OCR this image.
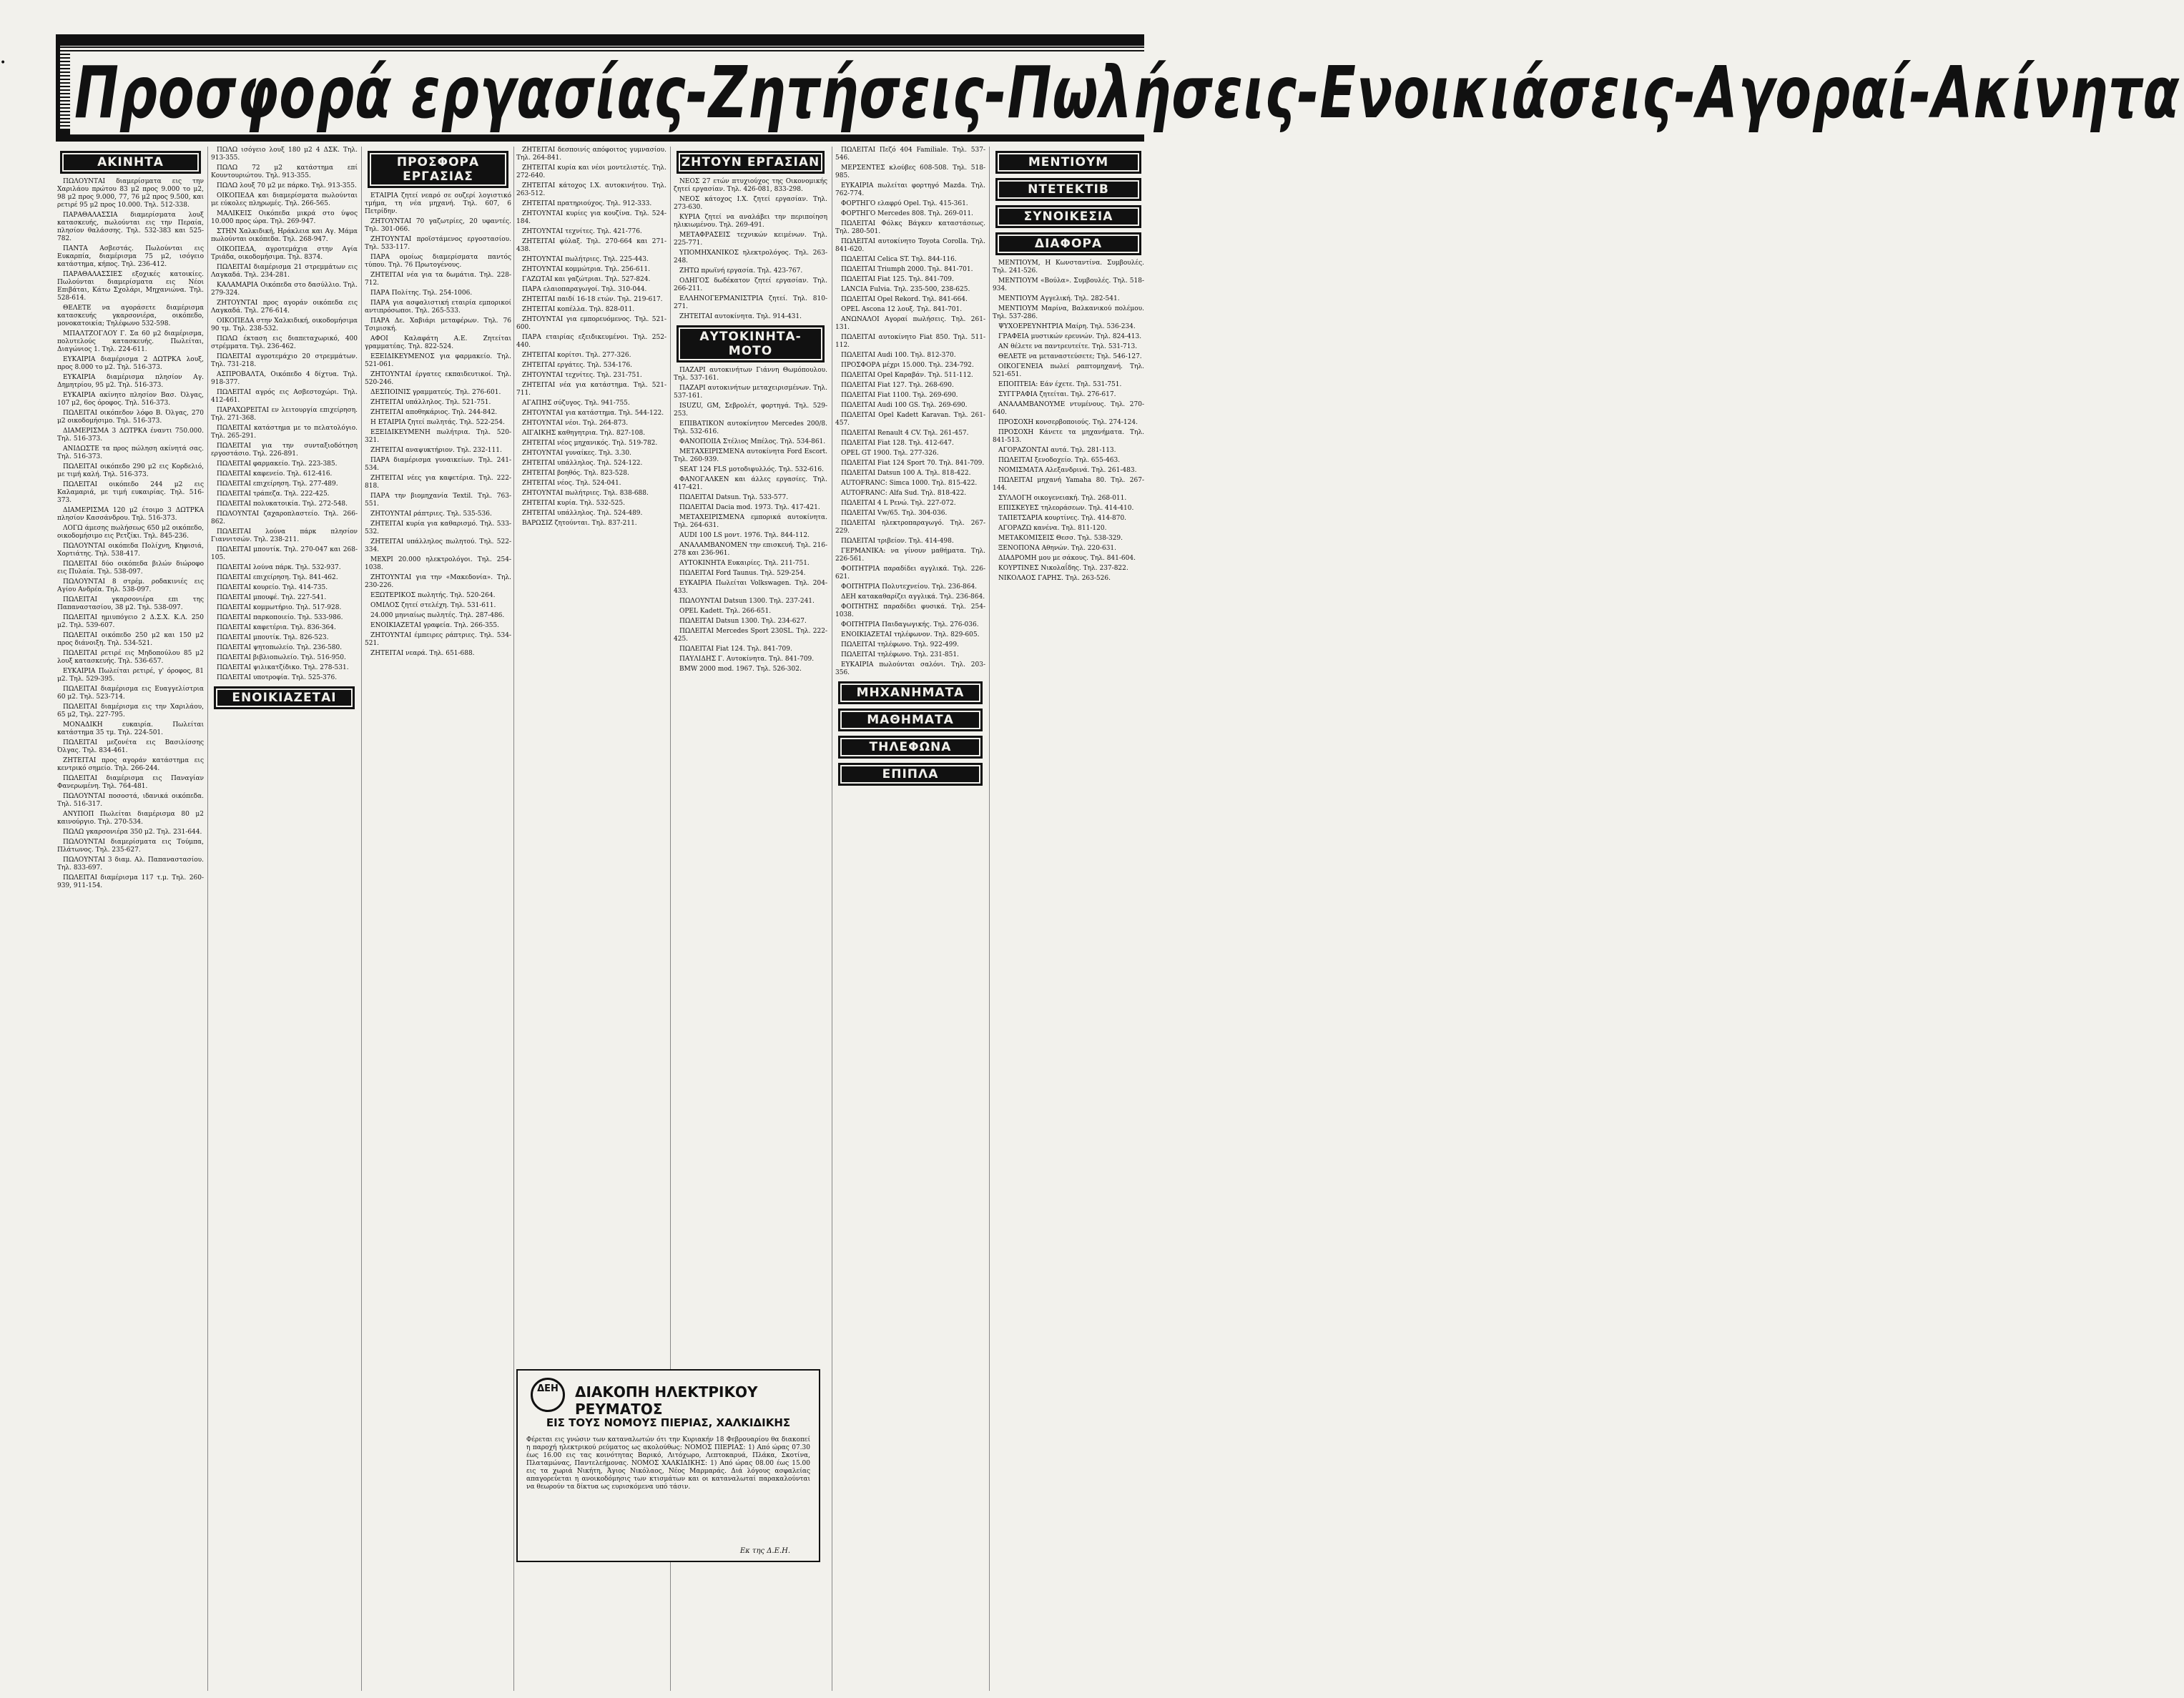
Προσφορά εργασίας-Ζητήσεις-Πωλήσεις-Ενοικιάσεις-Αγοραί-Ακίνητα
•
ΑΚΙΝΗΤΑ

ΠΩΛΟΥΝΤΑΙ διαμερίσματα εις την Χαριλάου πρώτου 83 μ2 προς 9.000 το μ2, 98 μ2 προς 9.000, 77, 76 μ2 προς 9.500, και ρετιρέ 95 μ2 προς 10.000. Τηλ. 512-338.

ΠΑΡΑΘΑΛΑΣΣΙΑ διαμερίσματα λουξ κατασκευής, πωλούνται εις την Περαία, πλησίον θαλάσσης. Τηλ. 532-383 και 525-782.

ΠΑΝΤΑ Ασβεστάς. Πωλούνται εις Ευκαρπία, διαμέρισμα 75 μ2, ισόγειο κατάστημα, κήπος. Τηλ. 236-412.

ΠΑΡΑΘΑΛΑΣΣΙΕΣ εξοχικές κατοικίες. Πωλούνται διαμερίσματα εις Νέοι Επιβάται, Κάτω Σχολάρι, Μηχανιώνα. Τηλ. 528-614.

ΘΕΛΕΤΕ να αγοράσετε διαμέρισμα κατασκευής γκαρσονιέρα, οικόπεδο, μονοκατοικία; Τηλέφωνο 532-598.

ΜΠΑΛΤΖΟΓΛΟΥ Γ. Σα 60 μ2 διαμέρισμα, πολυτελούς κατασκευής. Πωλείται, Διαγώνιος 1. Τηλ. 224-611.

ΕΥΚΑΙΡΙΑ διαμέρισμα 2 ΔΩΤΡΚΑ λουξ, προς 8.000 το μ2. Τηλ. 516-373.

ΕΥΚΑΙΡΙΑ διαμέρισμα πλησίον Αγ. Δημητρίου, 95 μ2. Τηλ. 516-373.

ΕΥΚΑΙΡΙΑ ακίνητο πλησίον Βασ. Όλγας, 107 μ2, 6ος όροφος. Τηλ. 516-373.

ΠΩΛΕΙΤΑΙ οικόπεδον λόφο Β. Όλγας, 270 μ2 οικοδομήσιμο. Τηλ. 516-373.

ΔΙΑΜΕΡΙΣΜΑ 3 ΔΩΤΡΚΑ έναντι 750.000. Τηλ. 516-373.

ΑΝΙΔΩΣΤΕ τα προς πώληση ακίνητά σας. Τηλ. 516-373.

ΠΩΛΕΙΤΑΙ οικόπεδο 290 μ2 εις Κορδελιό, με τιμή καλή. Τηλ. 516-373.

ΠΩΛΕΙΤΑΙ οικόπεδο 244 μ2 εις Καλαμαριά, με τιμή ευκαιρίας. Τηλ. 516-373.

ΔΙΑΜΕΡΙΣΜΑ 120 μ2 έτοιμο 3 ΔΩΤΡΚΑ πλησίον Κασσάνδρου. Τηλ. 516-373.

ΛΟΓΩ άμεσης πωλήσεως 650 μ2 οικόπεδο, οικοδομήσιμο εις Ρετζίκι. Τηλ. 845-236.

ΠΩΛΟΥΝΤΑΙ οικόπεδα Πολίχνη, Κηφισιά, Χορτιάτης. Τηλ. 538-417.

ΠΩΛΕΙΤΑΙ δύο οικόπεδα βιλών διώροφο εις Πυλαία. Τηλ. 538-097.

ΠΩΛΟΥΝΤΑΙ 8 στρέμ. ροδακινιές εις Αγίου Ανδρέα. Τηλ. 538-097.

ΠΩΛΕΙΤΑΙ γκαρσονιέρα επι της Παπαναστασίου, 38 μ2. Τηλ. 538-097.

ΠΩΛΕΙΤΑΙ ημιυπόγειο 2 Δ.Σ.Χ. Κ.Λ. 250 μ2. Τηλ. 539-607.

ΠΩΛΕΙΤΑΙ οικόπεδο 250 μ2 και 150 μ2 προς διάνοιξη. Τηλ. 534-521.

ΠΩΛΕΙΤΑΙ ρετιρέ εις Μηδοπούλου 85 μ2 λουξ κατασκευής. Τηλ. 536-657.

ΕΥΚΑΙΡΙΑ Πωλείται ρετιρέ, γ' όροφος, 81 μ2. Τηλ. 529-395.

ΠΩΛΕΙΤΑΙ διαμέρισμα εις Ευαγγελίστρια 60 μ2. Τηλ. 523-714.

ΠΩΛΕΙΤΑΙ διαμέρισμα εις την Χαριλάου, 65 μ2, Τηλ. 227-795.

ΜΟΝΑΔΙΚΗ ευκαιρία. Πωλείται κατάστημα 35 τμ. Τηλ. 224-501.

ΠΩΛΕΙΤΑΙ μεζονέτα εις Βασιλίσσης Όλγας. Τηλ. 834-461.

ΖΗΤΕΙΤΑΙ προς αγοράν κατάστημα εις κεντρικό σημείο. Τηλ. 266-244.

ΠΩΛΕΙΤΑΙ διαμέρισμα εις Παναγίαν Φανερωμένη. Τηλ. 764-481.

ΠΩΛΟΥΝΤΑΙ ποσοστά, ιδανικά οικόπεδα. Τηλ. 516-317.

ΑΝΥΠΟΠ Πωλείται διαμέρισμα 80 μ2 καινούργιο. Τηλ. 270-534.

ΠΩΛΩ γκαρσονιέρα 350 μ2. Τηλ. 231-644.

ΠΩΛΟΥΝΤΑΙ διαμερίσματα εις Τούμπα, Πλάτωνος. Τηλ. 235-627.

ΠΩΛΟΥΝΤΑΙ 3 διαμ. Αλ. Παπαναστασίου. Τηλ. 833-697.

ΠΩΛΕΙΤΑΙ διαμέρισμα 117 τ.μ. Τηλ. 260-939, 911-154.

ΠΩΛΩ ισόγειο λουξ 180 μ2 4 ΔΣΚ. Τηλ. 913-355.

ΠΩΛΩ 72 μ2 κατάστημα επί Κουντουριώτου. Τηλ. 913-355.

ΠΩΛΩ λουξ 70 μ2 με πάρκο. Τηλ. 913-355.

ΟΙΚΟΠΕΔΑ και διαμερίσματα πωλούνται με εύκολες πληρωμές. Τηλ. 266-565.

ΜΑΛΙΚΕΙΣ Οικόπεδα μικρά στο ύψος 10.000 προς ώρα. Τηλ. 269-947.

ΣΤΗΝ Χαλκιδική, Ηράκλεια και Αγ. Μάμα πωλούνται οικόπεδα. Τηλ. 268-947.

ΟΙΚΟΠΕΔΑ, αγροτεμάχια στην Αγία Τριάδα, οικοδομήσιμα. Τηλ. 8374.

ΠΩΛΕΙΤΑΙ διαμέρισμα 21 στρεμμάτων εις Λαγκαδά. Τηλ. 234-281.

ΚΑΛΑΜΑΡΙΑ Οικόπεδα στο δασύλλιο. Τηλ. 279-324.

ΖΗΤΟΥΝΤΑΙ προς αγοράν οικόπεδα εις Λαγκαδά. Τηλ. 276-614.

ΟΙΚΟΠΕΔΑ στην Χαλκιδική, οικοδομήσιμα 90 τμ. Τηλ. 238-532.

ΠΩΛΩ έκταση εις διαπεταχωρικό, 400 στρέμματα. Τηλ. 236-462.

ΠΩΛΕΙΤΑΙ αγροτεμάχιο 20 στρεμμάτων. Τηλ. 731-218.

ΑΣΠΡΟΒΑΛΤΑ, Οικόπεδο 4 δίχτυα. Τηλ. 918-377.

ΠΩΛΕΙΤΑΙ αγρός εις Ασβεστοχώρι. Τηλ. 412-461.

ΠΑΡΑΧΩΡΕΙΤΑΙ εν λειτουργία επιχείρηση. Τηλ. 271-368.

ΠΩΛΕΙΤΑΙ κατάστημα με το πελατολόγιο. Τηλ. 265-291.

ΠΩΛΕΙΤΑΙ για την συνταξιοδότηση εργοστάσιο. Τηλ. 226-891.

ΠΩΛΕΙΤΑΙ φαρμακείο. Τηλ. 223-385.

ΠΩΛΕΙΤΑΙ καφενείο. Τηλ. 612-416.

ΠΩΛΕΙΤΑΙ επιχείρηση. Τηλ. 277-489.

ΠΩΛΕΙΤΑΙ τράπεζα. Τηλ. 222-425.

ΠΩΛΕΙΤΑΙ πολυκατοικία. Τηλ. 272-548.

ΠΩΛΟΥΝΤΑΙ ζαχαροπλαστείο. Τηλ. 266-862.

ΠΩΛΕΙΤΑΙ λούνα πάρκ πλησίον Γιαννιτσών. Τηλ. 238-211.

ΠΩΛΕΙΤΑΙ μπουτίκ. Τηλ. 270-047 και 268-105.

ΠΩΛΕΙΤΑΙ λούνα πάρκ. Τηλ. 532-937.

ΠΩΛΕΙΤΑΙ επιχείρηση. Τηλ. 841-462.

ΠΩΛΕΙΤΑΙ κουρείο. Τηλ. 414-735.

ΠΩΛΕΙΤΑΙ μπουφέ. Τηλ. 227-541.

ΠΩΛΕΙΤΑΙ κομμωτήριο. Τηλ. 517-928.

ΠΩΛΕΙΤΑΙ παρκοποιείο. Τηλ. 533-986.

ΠΩΛΕΙΤΑΙ καφετέρια. Τηλ. 836-364.

ΠΩΛΕΙΤΑΙ μπουτίκ. Τηλ. 826-523.

ΠΩΛΕΙΤΑΙ ψητοπωλείο. Τηλ. 236-580.

ΠΩΛΕΙΤΑΙ βιβλιοπωλείο. Τηλ. 516-950.

ΠΩΛΕΙΤΑΙ ψιλικατζίδικο. Τηλ. 278-531.

ΠΩΛΕΙΤΑΙ υποτροφία. Τηλ. 525-376.

ΕΝΟΙΚΙΑΖΕΤΑΙ
ΠΡΟΣΦΟΡΑ ΕΡΓΑΣΙΑΣ

ΕΤΑΙΡΙΑ ζητεί νεαρό σε ουζερί λογιστικό τμήμα, τη νέα μηχανή. Τηλ. 607, 6 Πετρίδην.

ΖΗΤΟΥΝΤΑΙ 70 γαζωτρίες, 20 υφαντές. Τηλ. 301-066.

ΖΗΤΟΥΝΤΑΙ προϊστάμενος εργοστασίου. Τηλ. 533-117.

ΠΑΡΑ ομοίως διαμερίσματα παντός τύπου. Τηλ. 76 Πρωτογένους.

ΖΗΤΕΙΤΑΙ νέα για τα δωμάτια. Τηλ. 228-712.

ΠΑΡΑ Πολίτης. Τηλ. 254-1006.

ΠΑΡΑ για ασφαλιστική εταιρία εμπορικοί αντιπρόσωποι. Τηλ. 265-533.

ΠΑΡΑ Δε. Χαβιάρι μεταφέρων. Τηλ. 76 Τσιμισκή.

ΑΦΟΙ Καλαφάτη Α.Ε. Ζητείται γραμματέας. Τηλ. 822-524.

ΕΞΕΙΔΙΚΕΥΜΕΝΟΣ για φαρμακείο. Τηλ. 521-061.

ΖΗΤΟΥΝΤΑΙ έργατες εκπαιδευτικοί. Τηλ. 520-246.

ΔΕΣΠΟΙΝΙΣ γραμματεύς. Τηλ. 276-601.

ΖΗΤΕΙΤΑΙ υπάλληλος. Τηλ. 521-751.

ΖΗΤΕΙΤΑΙ αποθηκάριος. Τηλ. 244-842.

Η ΕΤΑΙΡΙΑ ζητεί πωλητάς. Τηλ. 522-254.

ΕΞΕΙΔΙΚΕΥΜΕΝΗ πωλήτρια. Τηλ. 520-321.

ΖΗΤΕΙΤΑΙ αναψυκτήριον. Τηλ. 232-111.

ΠΑΡΑ διαμέρισμα γυναικείων. Τηλ. 241-534.

ΖΗΤΕΙΤΑΙ νέες για καφετέρια. Τηλ. 222-818.

ΠΑΡΑ την βιομηχανία Textil. Τηλ. 763-551.

ΖΗΤΟΥΝΤΑΙ ράπτριες. Τηλ. 535-536.

ΖΗΤΕΙΤΑΙ κυρία για καθαρισμό. Τηλ. 533-532.

ΖΗΤΕΙΤΑΙ υπάλληλος πωλητού. Τηλ. 522-334.

ΜΕΧΡΙ 20.000 ηλεκτρολόγοι. Τηλ. 254-1038.

ΖΗΤΟΥΝΤΑΙ για την «Μακεδονία». Τηλ. 230-226.

ΕΞΩΤΕΡΙΚΟΣ πωλητής. Τηλ. 520-264.

ΟΜΙΛΟΣ ζητεί στελέχη. Τηλ. 531-611.

24.000 μηνιαίως πωλητές. Τηλ. 287-486.

ΕΝΟΙΚΙΑΖΕΤΑΙ γραφεία. Τηλ. 266-355.

ΖΗΤΟΥΝΤΑΙ έμπειρες ράπτριες. Τηλ. 534-521.

ΖΗΤΕΙΤΑΙ νεαρά. Τηλ. 651-688.

ΖΗΤΕΙΤΑΙ δεσποινίς απόφοιτος γυμνασίου. Τηλ. 264-841.

ΖΗΤΕΙΤΑΙ κυρία και νέοι μοντελιστές. Τηλ. 272-640.

ΖΗΤΕΙΤΑΙ κάτοχος Ι.Χ. αυτοκινήτου. Τηλ. 263-512.

ΖΗΤΕΙΤΑΙ πρατηριούχος. Τηλ. 912-333.

ΖΗΤΟΥΝΤΑΙ κυρίες για κουζίνα. Τηλ. 524-184.

ΖΗΤΟΥΝΤΑΙ τεχνίτες. Τηλ. 421-776.

ΖΗΤΕΙΤΑΙ φύλαξ. Τηλ. 270-664 και 271-438.

ΖΗΤΟΥΝΤΑΙ πωλήτριες. Τηλ. 225-443.

ΖΗΤΟΥΝΤΑΙ κομμώτρια. Τηλ. 256-611.

ΓΑΖΩΤΑΙ και γαζώτριαι. Τηλ. 527-824.

ΠΑΡΑ ελαιοπαραγωγοί. Τηλ. 310-044.

ΖΗΤΕΙΤΑΙ παιδί 16-18 ετών. Τηλ. 219-617.

ΖΗΤΕΙΤΑΙ κοπέλλα. Τηλ. 828-011.

ΖΗΤΟΥΝΤΑΙ για εμπορευόμενος. Τηλ. 521-600.

ΠΑΡΑ εταιρίας εξειδικευμένοι. Τηλ. 252-440.

ΖΗΤΕΙΤΑΙ κορίτσι. Τηλ. 277-326.

ΖΗΤΕΙΤΑΙ εργάτες. Τηλ. 534-176.

ΖΗΤΟΥΝΤΑΙ τεχνίτες. Τηλ. 231-751.

ΖΗΤΕΙΤΑΙ νέα για κατάστημα. Τηλ. 521-711.

ΑΓΑΠΗΣ σύζυγος. Τηλ. 941-755.

ΖΗΤΟΥΝΤΑΙ για κατάστημα. Τηλ. 544-122.

ΖΗΤΟΥΝΤΑΙ νέοι. Τηλ. 264-873.

ΑΙΓΑΙΚΗΣ καθηγητρια. Τηλ. 827-108.

ΖΗΤΕΙΤΑΙ νέος μηχανικός. Τηλ. 519-782.

ΖΗΤΟΥΝΤΑΙ γυναίκες. Τηλ. 3.30.

ΖΗΤΕΙΤΑΙ υπάλληλος. Τηλ. 524-122.

ΖΗΤΕΙΤΑΙ βοηθός. Τηλ. 823-528.

ΖΗΤΕΙΤΑΙ νέος. Τηλ. 524-041.

ΖΗΤΟΥΝΤΑΙ πωλήτριες. Τηλ. 838-688.

ΖΗΤΕΙΤΑΙ κυρία. Τηλ. 532-525.

ΖΗΤΕΙΤΑΙ υπάλληλος. Τηλ. 524-489.

ΒΑΡΩΣΙΖ ζητούνται. Τηλ. 837-211.

ΖΗΤΟΥΝ ΕΡΓΑΣΙΑΝ

ΝΕΟΣ 27 ετών πτυχιούχος της Οικονομικής ζητεί εργασίαν. Τηλ. 426-081, 833-298.

ΝΕΟΣ κάτοχος Ι.Χ. ζητεί εργασίαν. Τηλ. 273-630.

ΚΥΡΙΑ ζητεί να αναλάβει την περιποίηση ηλικιωμένου. Τηλ. 269-491.

ΜΕΤΑΦΡΑΣΕΙΣ τεχνικών κειμένων. Τηλ. 225-771.

ΥΠΟΜΗΧΑΝΙΚΟΣ ηλεκτρολόγος. Τηλ. 263-248.

ΖΗΤΩ πρωϊνή εργασία. Τηλ. 423-767.

ΟΔΗΓΟΣ δωδέκατον ζητεί εργασίαν. Τηλ. 266-211.

ΕΛΛΗΝΟΓΕΡΜΑΝΙΣΤΡΙΑ ζητεί. Τηλ. 810-271.

ΖΗΤΕΙΤΑΙ αυτοκίνητα. Τηλ. 914-431.

ΑΥΤΟΚΙΝΗΤΑ-ΜΟΤΟ

ΠΑΖΑΡΙ αυτοκινήτων Γιάννη Θωμόπουλου. Τηλ. 537-161.

ΠΑΖΑΡΙ αυτοκινήτων μεταχειρισμένων. Τηλ. 537-161.

ISUZU, GM, Σεβρολέτ, φορτηγά. Τηλ. 529-253.

ΕΠΙΒΑΤΙΚΟΝ αυτοκίνητον Mercedes 200/8. Τηλ. 532-616.

ΦΑΝΟΠΟΙΙΑ Στέλιος Μπέλος. Τηλ. 534-861.

ΜΕΤΑΧΕΙΡΙΣΜΕΝΑ αυτοκίνητα Ford Escort. Τηλ. 260-939.

SEAT 124 FLS μοτοδιφυλλός. Τηλ. 532-616.

ΦΑΝΟΓΑΛΚΕΝ και άλλες εργασίες. Τηλ. 417-421.

ΠΩΛΕΙΤΑΙ Datsun. Τηλ. 533-577.

ΠΩΛΕΙΤΑΙ Dacia mod. 1973. Τηλ. 417-421.

ΜΕΤΑΧΕΙΡΙΣΜΕΝΑ εμπορικά αυτοκίνητα. Τηλ. 264-631.

AUDI 100 LS μοντ. 1976. Τηλ. 844-112.

ΑΝΑΛΑΜΒΑΝΟΜΕΝ την επισκευή. Τηλ. 216-278 και 236-961.

ΑΥΤΟΚΙΝΗΤΑ Ευκαιρίες. Τηλ. 211-751.

ΠΩΛΕΙΤΑΙ Ford Taunus. Τηλ. 529-254.

ΕΥΚΑΙΡΙΑ Πωλείται Volkswagen. Τηλ. 204-433.

ΠΩΛΟΥΝΤΑΙ Datsun 1300. Τηλ. 237-241.

OPEL Kadett. Τηλ. 266-651.

ΠΩΛΕΙΤΑΙ Datsun 1300. Τηλ. 234-627.

ΠΩΛΕΙΤΑΙ Mercedes Sport 230SL. Τηλ. 222-425.

ΠΩΛΕΙΤΑΙ Fiat 124. Τηλ. 841-709.

ΠΑΥΛΙΔΗΣ Γ. Αυτοκίνητα. Τηλ. 841-709.

BMW 2000 mod. 1967. Τηλ. 526-302.

ΠΩΛΕΙΤΑΙ Πεζό 404 Familiale. Τηλ. 537-546.

ΜΕΡΣΕΝΤΕΣ κλούβες 608-508. Τηλ. 518-985.

ΕΥΚΑΙΡΙΑ πωλείται φορτηγό Mazda. Τηλ. 762-774.

ΦΟΡΤΗΓΟ ελαφρύ Opel. Τηλ. 415-361.

ΦΟΡΤΗΓΟ Mercedes 808. Τηλ. 269-011.

ΠΩΛΕΙΤΑΙ Φόλκς Βάγκεν καταστάσεως. Τηλ. 280-501.

ΠΩΛΕΙΤΑΙ αυτοκίνητο Toyota Corolla. Τηλ. 841-620.

ΠΩΛΕΙΤΑΙ Celica ST. Τηλ. 844-116.

ΠΩΛΕΙΤΑΙ Triumph 2000. Τηλ. 841-701.

ΠΩΛΕΙΤΑΙ Fiat 125. Τηλ. 841-709.

LANCIA Fulvia. Τηλ. 235-500, 238-625.

ΠΩΛΕΙΤΑΙ Opel Rekord. Τηλ. 841-664.

OPEL Ascona 12 λουξ. Τηλ. 841-701.

ΑΝΩΝΑΛΟΙ Αγοραί πωλήσεις. Τηλ. 261-131.

ΠΩΛΕΙΤΑΙ αυτοκίνητο Fiat 850. Τηλ. 511-112.

ΠΩΛΕΙΤΑΙ Audi 100. Τηλ. 812-370.

ΠΡΟΣΦΟΡΑ μέχρι 15.000. Τηλ. 234-792.

ΠΩΛΕΙΤΑΙ Opel Καραβάν. Τηλ. 511-112.

ΠΩΛΕΙΤΑΙ Fiat 127. Τηλ. 268-690.

ΠΩΛΕΙΤΑΙ Fiat 1100. Τηλ. 269-690.

ΠΩΛΕΙΤΑΙ Audi 100 GS. Τηλ. 269-690.

ΠΩΛΕΙΤΑΙ Opel Kadett Karavan. Τηλ. 261-457.

ΠΩΛΕΙΤΑΙ Renault 4 CV. Τηλ. 261-457.

ΠΩΛΕΙΤΑΙ Fiat 128. Τηλ. 412-647.

OPEL GT 1900. Τηλ. 277-326.

ΠΩΛΕΙΤΑΙ Fiat 124 Sport 70. Τηλ. 841-709.

ΠΩΛΕΙΤΑΙ Datsun 100 A. Τηλ. 818-422.

AUTOFRANC: Simca 1000. Τηλ. 815-422.

AUTOFRANC: Alfa Sud. Τηλ. 818-422.

ΠΩΛΕΙΤΑΙ 4 L Ρενώ. Τηλ. 227-072.

ΠΩΛΕΙΤΑΙ Vw/65. Τηλ. 304-036.

ΠΩΛΕΙΤΑΙ ηλεκτροπαραγωγό. Τηλ. 267-229.

ΠΩΛΕΙΤΑΙ τριβείον. Τηλ. 414-498.

ΓΕΡΜΑΝΙΚΑ: να γίνουν μαθήματα. Τηλ. 226-561.

ΦΟΙΤΗΤΡΙΑ παραδίδει αγγλικά. Τηλ. 226-621.

ΦΟΙΤΗΤΡΙΑ Πολυτεχνείου. Τηλ. 236-864.

ΔΕΗ κατακαθαρίζει αγγλικά. Τηλ. 236-864.

ΦΟΙΤΗΤΗΣ παραδίδει φυσικά. Τηλ. 254-1038.

ΦΟΙΤΗΤΡΙΑ Παιδαγωγικής. Τηλ. 276-036.

ΕΝΟΙΚΙΑΖΕΤΑΙ τηλέφωνον. Τηλ. 829-605.

ΠΩΛΕΙΤΑΙ τηλέφωνο. Τηλ. 922-499.

ΠΩΛΕΙΤΑΙ τηλέφωνο. Τηλ. 231-851.

ΕΥΚΑΙΡΙΑ πωλούνται σαλόνι. Τηλ. 203-356.

ΜΗΧΑΝΗΜΑΤΑ
ΜΑΘΗΜΑΤΑ
ΤΗΛΕΦΩΝΑ
ΕΠΙΠΛΑ
ΜΕΝΤΙΟΥΜ
ΝΤΕΤΕΚΤΙΒ
ΣΥΝΟΙΚΕΣΙΑ
ΔΙΑΦΟΡΑ

ΜΕΝΤΙΟΥΜ, Η Κωνσταντίνα. Συμβουλές. Τηλ. 241-526.

ΜΕΝΤΙΟΥΜ «Βούλα». Συμβουλές. Τηλ. 518-934.

ΜΕΝΤΙΟΥΜ Αγγελική. Τηλ. 282-541.

ΜΕΝΤΙΟΥΜ Μαρίνα, Βαλκανικού πολέμου. Τηλ. 537-286.

ΨΥΧΟΕΡΕΥΝΗΤΡΙΑ Μαίρη. Τηλ. 536-234.

ΓΡΑΦΕΙΑ μυστικών ερευνών. Τηλ. 824-413.

ΑΝ θέλετε να παντρευτείτε. Τηλ. 531-713.

ΘΕΛΕΤΕ να μεταναστεύσετε; Τηλ. 546-127.

ΟΙΚΟΓΕΝΕΙΑ πωλεί ραπτομηχανή. Τηλ. 521-651.

ΕΠΟΠΤΕΙΑ: Εάν έχετε. Τηλ. 531-751.

ΣΥΓΓΡΑΦΙΑ ζητείται. Τηλ. 276-617.

ΑΝΑΛΑΜΒΑΝΟΥΜΕ ντυμένους. Τηλ. 270-640.

ΠΡΟΣΟΧΗ κονσερβοποιούς. Τηλ. 274-124.

ΠΡΟΣΟΧΗ Κάνετε τα μηχανήματα. Τηλ. 841-513.

ΑΓΟΡΑΖΟΝΤΑΙ αυτά. Τηλ. 281-113.

ΠΩΛΕΙΤΑΙ ξενοδοχείο. Τηλ. 655-463.

ΝΟΜΙΣΜΑΤΑ Αλεξανδρινά. Τηλ. 261-483.

ΠΩΛΕΙΤΑΙ μηχανή Yamaha 80. Τηλ. 267-144.

ΣΥΛΛΟΓΗ οικογενειακή. Τηλ. 268-011.

ΕΠΙΣΚΕΥΕΣ τηλεοράσεων. Τηλ. 414-410.

ΤΑΠΕΤΣΑΡΙΑ κουρτίνες. Τηλ. 414-870.

ΑΓΟΡΑΖΩ κανένα. Τηλ. 811-120.

ΜΕΤΑΚΟΜΙΣΕΙΣ Θεσσ. Τηλ. 538-329.

ΞΕΝΟΠΟΝΑ Αθηνών. Τηλ. 220-631.

ΔΙΑΔΡΟΜΗ μου με σάκους. Τηλ. 841-604.

ΚΟΥΡΤΙΝΕΣ Νικολαΐδης. Τηλ. 237-822.

ΝΙΚΟΛΑΟΣ ΓΑΡΗΣ. Τηλ. 263-526.

ΔΕΗ	ΔΙΑΚΟΠΗ ΗΛΕΚΤΡΙΚΟΥ ΡΕΥΜΑΤΟΣ
ΕΙΣ ΤΟΥΣ ΝΟΜΟΥΣ ΠΙΕΡΙΑΣ, ΧΑΛΚΙΔΙΚΗΣ
Φέρεται εις γνώσιν των καταναλωτών ότι την Κυριακήν 18 Φεβρουαρίου θα διακοπεί η παροχή ηλεκτρικού ρεύματος ως ακολούθως: ΝΟΜΟΣ ΠΙΕΡΙΑΣ: 1) Από ώρας 07.30 έως 16.00 εις τας κοινότητας Βαρικό, Λιτόχωρο, Λεπτοκαρυά, Πλάκα, Σκοτίνα, Πλαταμώνας, Παντελεήμονας. ΝΟΜΟΣ ΧΑΛΚΙΔΙΚΗΣ: 1) Από ώρας 08.00 έως 15.00 εις τα χωριά Νικήτη, Άγιος Νικόλαος, Νέος Μαρμαράς. Διά λόγους ασφαλείας απαγορεύεται η ανοικοδόμησις των κτισμάτων και οι καταναλωταί παρακαλούνται να θεωρούν τα δίκτυα ως ευρισκόμενα υπό τάσιν.
Εκ της Δ.Ε.Η.
